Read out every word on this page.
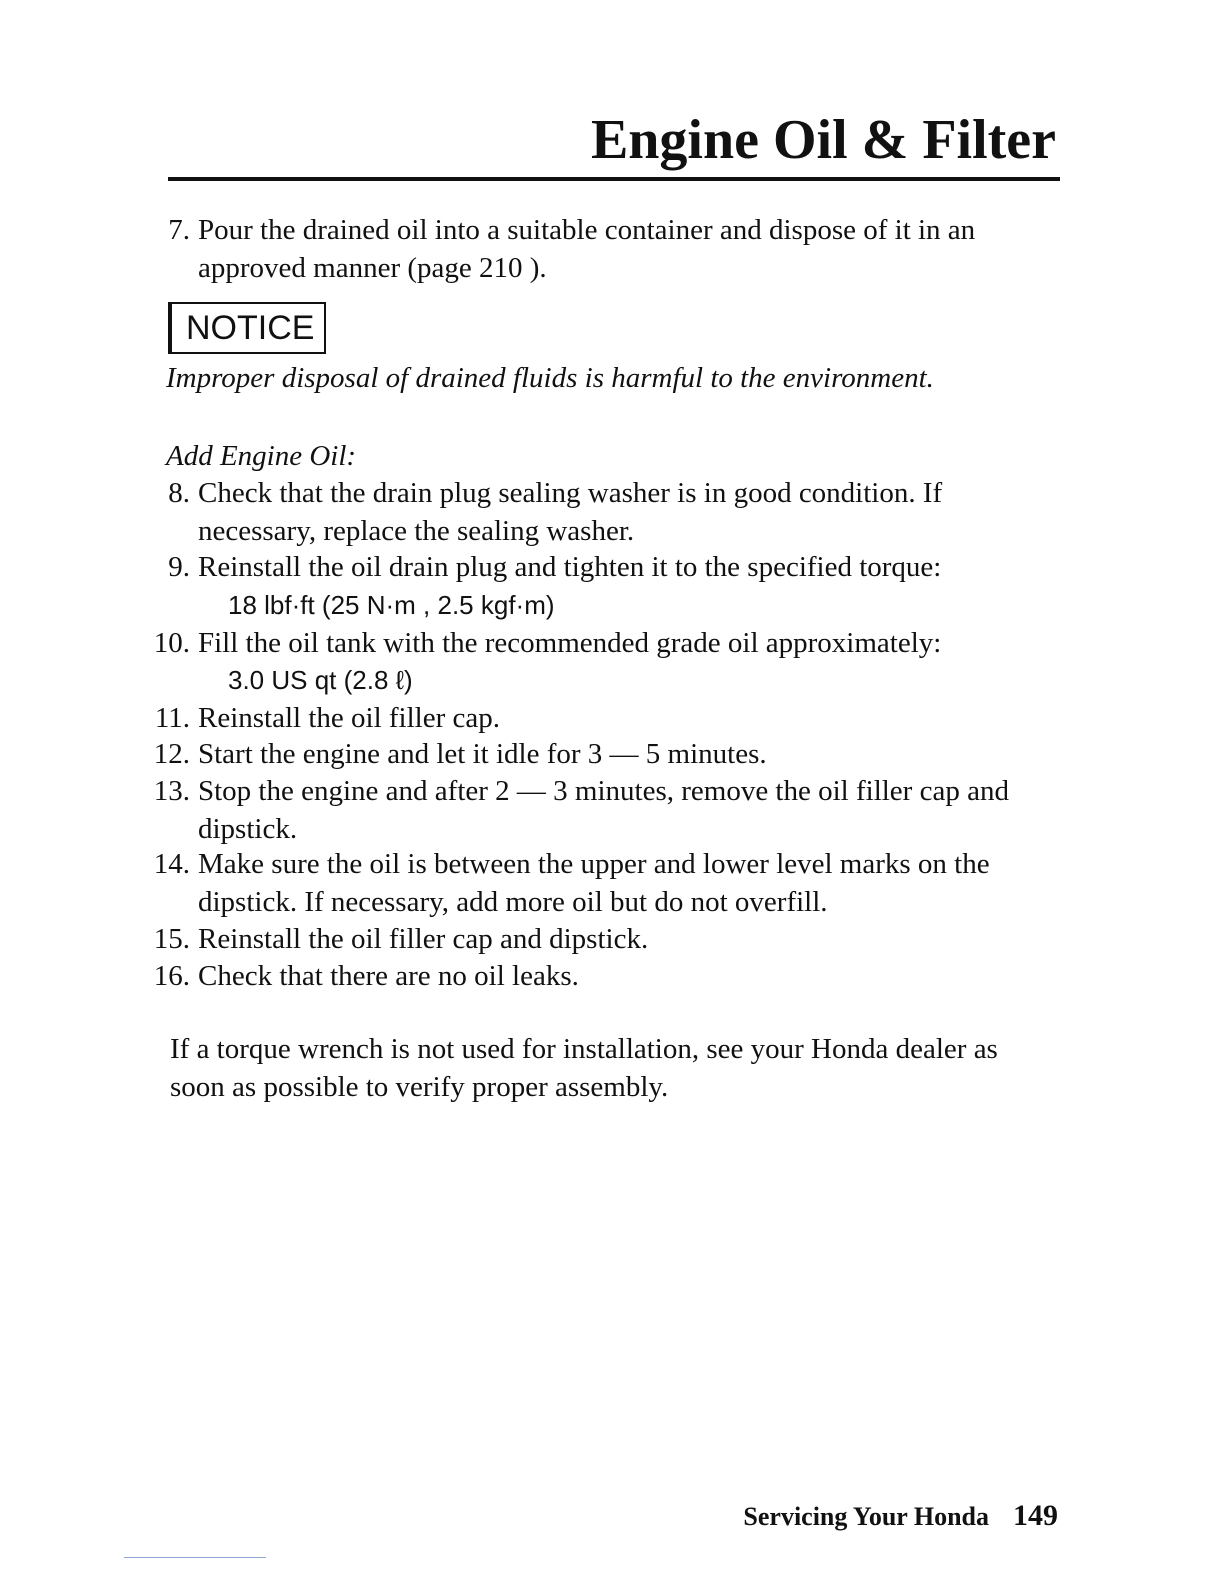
Engine Oil & Filter
7. Pour the drained oil into a suitable container and dispose of it in an
approved manner (page 210 ).
NOTICE
Improper disposal of drained fluids is harmful to the environment.
Add Engine Oil:
8. Check that the drain plug sealing washer is in good condition. If
necessary, replace the sealing washer.
9. Reinstall the oil drain plug and tighten it to the specified torque:
18 lbf·ft (25 N·m , 2.5 kgf·m)
10. Fill the oil tank with the recommended grade oil approximately:
3.0 US qt (2.8 ℓ)
11. Reinstall the oil filler cap.
12. Start the engine and let it idle for 3 — 5 minutes.
13. Stop the engine and after 2 — 3 minutes, remove the oil filler cap and
dipstick.
14. Make sure the oil is between the upper and lower level marks on the
dipstick. If necessary, add more oil but do not overfill.
15. Reinstall the oil filler cap and dipstick.
16. Check that there are no oil leaks.
If a torque wrench is not used for installation, see your Honda dealer as
soon as possible to verify proper assembly.
Servicing Your Honda 149
